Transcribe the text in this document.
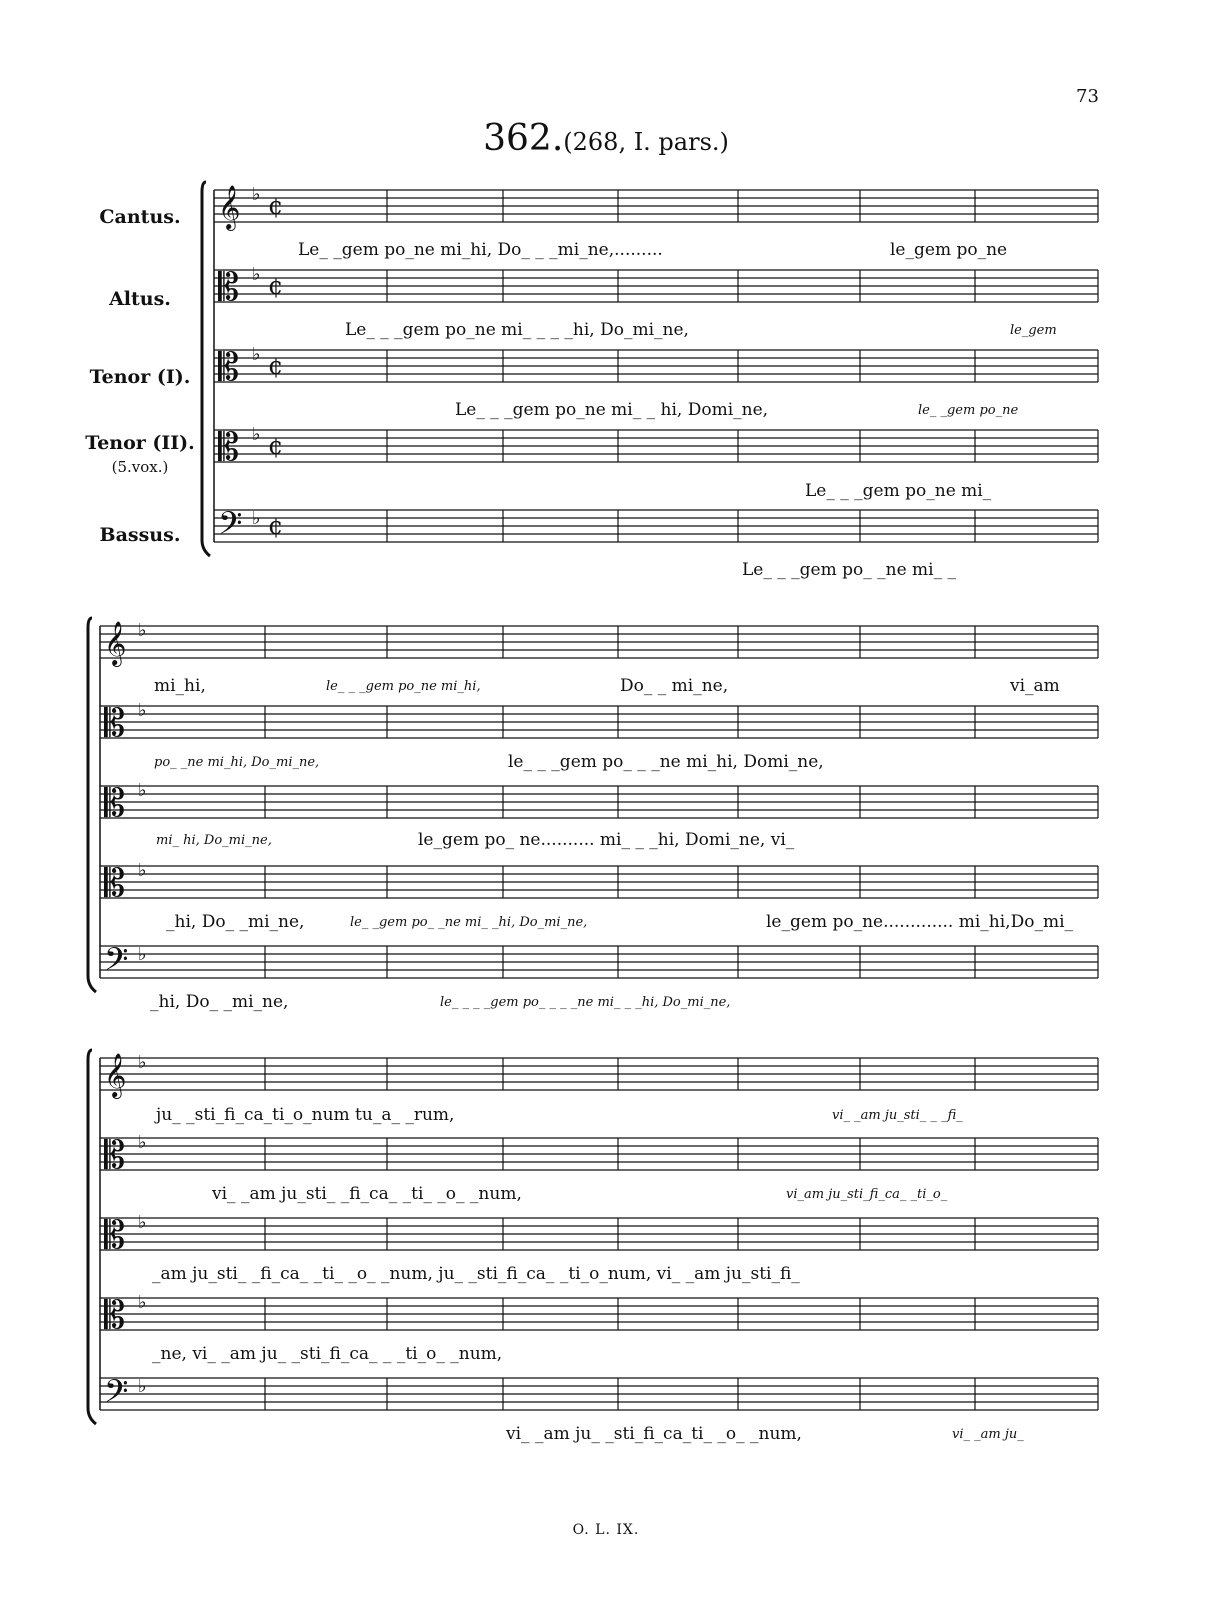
73
362.(268, I. pars.)
Cantus.
Altus.
Tenor (I).
Tenor (II).
(5.vox.)
Bassus.
𝄞 ♭ ¢
𝄡 ♭ ¢
𝄡 ♭ ¢
𝄡 ♭ ¢
𝄢 ♭ ¢
𝄞 ♭
𝄡 ♭
𝄡 ♭
𝄡 ♭
𝄢 ♭
𝄞 ♭
𝄡 ♭
𝄡 ♭
𝄡 ♭
𝄢 ♭
Le_ _gem po_ne mi_hi, Do_ _ _mi_ne,.........	le_gem po_ne
Le_ _ _gem po_ne mi_ _ _ _hi, Do_mi_ne,	le_gem
Le_ _ _gem po_ne mi_ _ hi, Domi_ne,	le_ _gem po_ne
Le_ _ _gem po_ne mi_
Le_ _ _gem po_ _ne mi_ _
mi_hi,	le_ _ _gem po_ne mi_hi,	Do_ _ mi_ne,	vi_am
po_ _ne mi_hi, Do_mi_ne,	le_ _ _gem po_ _ _ne mi_hi, Domi_ne,
mi_ hi, Do_mi_ne,	le_gem po_ ne.......... mi_ _ _hi, Domi_ne, vi_
_hi, Do_ _mi_ne,	le_ _gem po_ _ne mi_ _hi, Do_mi_ne,	le_gem po_ne............. mi_hi,Do_mi_
_hi, Do_ _mi_ne,	le_ _ _ _gem po_ _ _ _ne mi_ _ _hi, Do_mi_ne,
ju_ _sti_fi_ca_ti_o_num tu_a_ _rum,	vi_ _am ju_sti_ _ _fi_
vi_ _am ju_sti_ _fi_ca_ _ti_ _o_ _num,	vi_am ju_sti_fi_ca_ _ti_o_
_am ju_sti_ _fi_ca_ _ti_ _o_ _num, ju_ _sti_fi_ca_ _ti_o_num, vi_ _am ju_sti_fi_
_ne, vi_ _am ju_ _sti_fi_ca_ _ _ti_o_ _num,
vi_ _am ju_ _sti_fi_ca_ti_ _o_ _num,	vi_ _am ju_
O. L. IX.
